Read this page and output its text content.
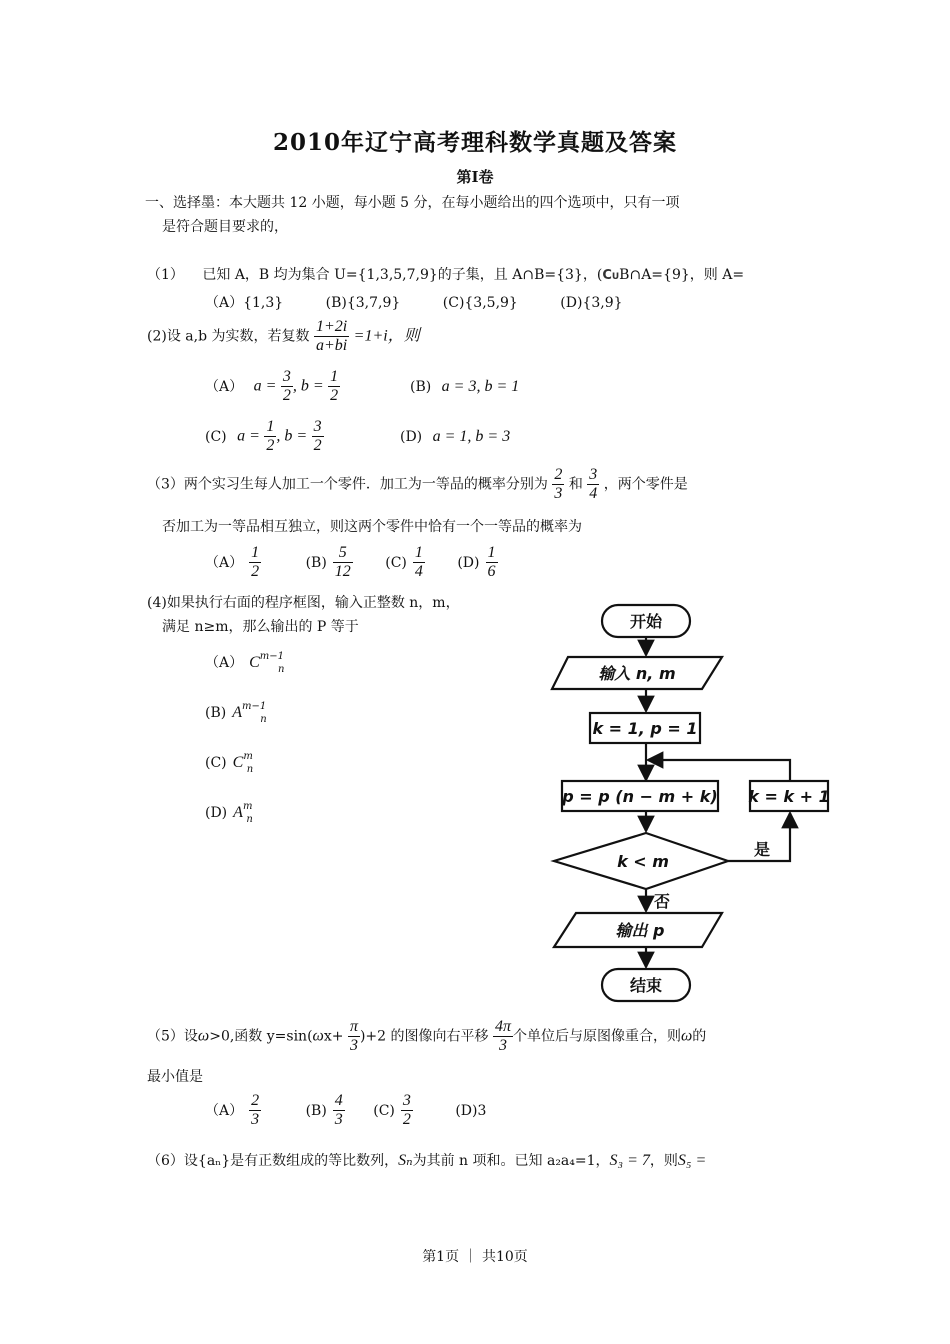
2010年辽宁高考理科数学真题及答案
第Ⅰ卷
一、选择墨：本大题共 12 小题，每小题 5 分，在每小题给出的四个选项中，只有一项
是符合题目要求的，
（1） 已知 A，B 均为集合 U={1,3,5,7,9}的子集，且 A∩B={3}，(CUB∩A={9}，则 A=
（A）{1,3}	(B){3,7,9}	(C){3,5,9}	(D){3,9}
(2)设 a,b 为实数，若复数 $\frac{1+2i}{a+bi} =1+i$，则
（A） $a = \frac{3}{2}$ , $b = \frac{1}{2}$	(B) a = 3, b = 1
(C) $a = \frac{1}{2}$ , $b = \frac{3}{2}$	(D) a = 1, b = 3
（3）两个实习生每人加工一个零件．加工为一等品的概率分别为 $\frac{2}{3}$ 和 $\frac{3}{4}$ ，两个零件是
否加工为一等品相互独立，则这两个零件中恰有一个一等品的概率为
$(A) \frac{1}{2}$	$(B) \frac{5}{12} (C) \frac{1}{4} (D) \frac{1}{6}$
(4)如果执行右面的程序框图，输入正整数 n，m，
满足 n≥m，那么输出的 P 等于
（A） $C^{m-1}_n$
(B) $A^{m-1}_n$
(C) $C^m_n$
(D) $A^m_n$
开始
输入 n, m
k = 1, p = 1
p = p (n − m + k) k = k + 1
k < m
是
否
输出 p
结束
（5）设ω>0,函数 $y=\sin(\omega x+ \frac{\pi}{3} )+2$ 的图像向右平移 $\frac{4\pi}{3}$ 个单位后与原图像重合，则ω的
最小值是
$(A) \frac{2}{3}$	$(B) \frac{4}{3} (C) \frac{3}{2}$	(D)3
（6）设{aₙ}是有正数组成的等比数列，Sₙ为其前 n 项和。已知 a₂a₄=1，S₃ = 7，则S₅ =
第1页 ｜ 共10页
